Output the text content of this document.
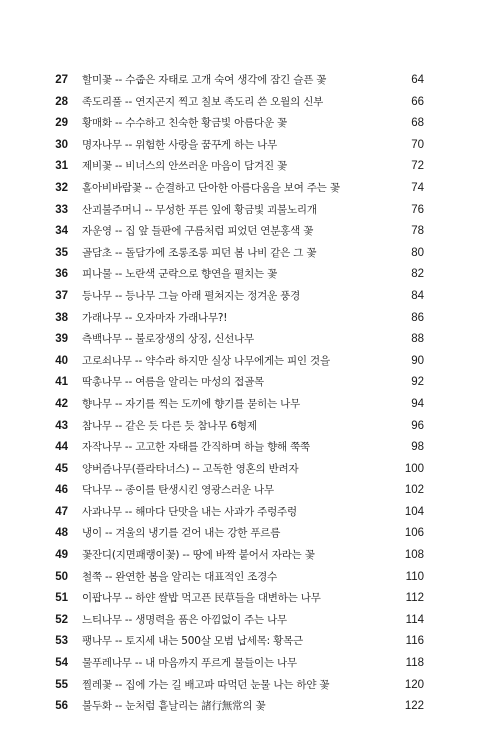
27 할미꽃 -- 수줍은 자태로 고개 숙여 생각에 잠긴 슬픈 꽃	64
28 족도리풀 -- 연지곤지 찍고 칠보 족도리 쓴 오월의 신부	66
29 황매화 -- 수수하고 친숙한 황금빛 아름다운 꽃	68
30 명자나무 -- 위험한 사랑을 꿈꾸게 하는 나무	70
31 제비꽃 -- 비너스의 안쓰러운 마음이 담겨진 꽃	72
32 홀아비바람꽃 -- 순결하고 단아한 아름다움을 보여 주는 꽃	74
33 산괴불주머니 -- 무성한 푸른 잎에 황금빛 괴불노리개	76
34 자운영 -- 집 앞 들판에 구름처럼 피었던 연분홍색 꽃	78
35 골담초 -- 돌담가에 조롱조롱 피던 봄 나비 같은 그 꽃	80
36 피나물 -- 노란색 군락으로 향연을 펼치는 꽃	82
37 등나무 -- 등나무 그늘 아래 펼쳐지는 정겨운 풍경	84
38 가래나무 -- 오자마자 가래나무?!	86
39 측백나무 -- 불로장생의 상징, 신선나무	88
40 고로쇠나무 -- 약수라 하지만 실상 나무에게는 피인 것을	90
41 딱총나무 -- 여름을 알리는 마성의 접골목	92
42 향나무 -- 자기를 찍는 도끼에 향기를 묻히는 나무	94
43 참나무 -- 같은 듯 다른 듯 참나무 6형제	96
44 자작나무 -- 고고한 자태를 간직하며 하늘 향해 쭉쭉	98
45 양버즘나무(플라타너스) -- 고독한 영혼의 반려자	100
46 닥나무 -- 종이를 탄생시킨 영광스러운 나무	102
47 사과나무 -- 해마다 단맛을 내는 사과가 주렁주렁	104
48 냉이 -- 겨울의 냉기를 걷어 내는 강한 푸르름	106
49 꽃잔디(지면패랭이꽃) -- 땅에 바짝 붙어서 자라는 꽃	108
50 철쭉 -- 완연한 봄을 알리는 대표적인 조경수	110
51 이팝나무 -- 하얀 쌀밥 먹고픈 民草들을 대변하는 나무	112
52 느티나무 -- 생명력을 품은 아낌없이 주는 나무	114
53 팽나무 -- 토지세 내는 500살 모범 납세목: 황목근	116
54 물푸레나무 -- 내 마음까지 푸르게 물들이는 나무	118
55 찔레꽃 -- 집에 가는 길 배고파 따먹던 눈물 나는 하얀 꽃	120
56 불두화 -- 눈처럼 흩날리는 諸行無常의 꽃	122
